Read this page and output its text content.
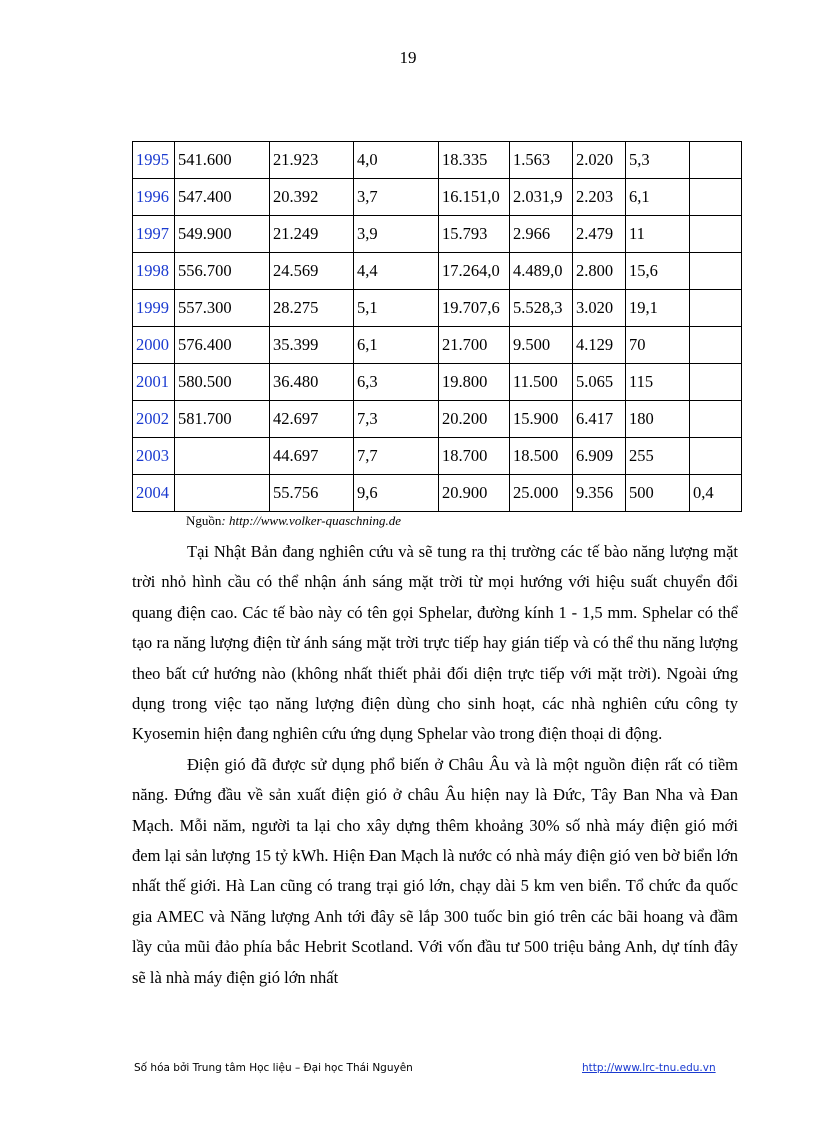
19
1995	541.600	21.923	4,0	18.335	1.563	2.020	5,3	
1996	547.400	20.392	3,7	16.151,0	2.031,9	2.203	6,1	
1997	549.900	21.249	3,9	15.793	2.966	2.479	11	
1998	556.700	24.569	4,4	17.264,0	4.489,0	2.800	15,6	
1999	557.300	28.275	5,1	19.707,6	5.528,3	3.020	19,1	
2000	576.400	35.399	6,1	21.700	9.500	4.129	70	
2001	580.500	36.480	6,3	19.800	11.500	5.065	115	
2002	581.700	42.697	7,3	20.200	15.900	6.417	180	
2003		44.697	7,7	18.700	18.500	6.909	255	
2004		55.756	9,6	20.900	25.000	9.356	500	0,4
Nguồn: http://www.volker-quaschning.de

Tại Nhật Bản đang nghiên cứu và sẽ tung ra thị trường các tế bào năng lượng mặt trời nhỏ hình cầu có thể nhận ánh sáng mặt trời từ mọi hướng với hiệu suất chuyển đổi quang điện cao. Các tế bào này có tên gọi Sphelar, đường kính 1 - 1,5 mm. Sphelar có thể tạo ra năng lượng điện từ ánh sáng mặt trời trực tiếp hay gián tiếp và có thể thu năng lượng theo bất cứ hướng nào (không nhất thiết phải đối diện trực tiếp với mặt trời). Ngoài ứng dụng trong việc tạo năng lượng điện dùng cho sinh hoạt, các nhà nghiên cứu công ty Kyosemin hiện đang nghiên cứu ứng dụng Sphelar vào trong điện thoại di động.

Điện gió đã được sử dụng phổ biến ở Châu Âu và là một nguồn điện rất có tiềm năng. Đứng đầu về sản xuất điện gió ở châu Âu hiện nay là Đức, Tây Ban Nha và Đan Mạch. Mỗi năm, người ta lại cho xây dựng thêm khoảng 30% số nhà máy điện gió mới đem lại sản lượng 15 tỷ kWh. Hiện Đan Mạch là nước có nhà máy điện gió ven bờ biển lớn nhất thế giới. Hà Lan cũng có trang trại gió lớn, chạy dài 5 km ven biển. Tổ chức đa quốc gia AMEC và Năng lượng Anh tới đây sẽ lắp 300 tuốc bin gió trên các bãi hoang và đầm lầy của mũi đảo phía bắc Hebrit Scotland. Với vốn đầu tư 500 triệu bảng Anh, dự tính đây sẽ là nhà máy điện gió lớn nhất

Số hóa bởi Trung tâm Học liệu – Đại học Thái Nguyên	http://www.lrc-tnu.edu.vn
